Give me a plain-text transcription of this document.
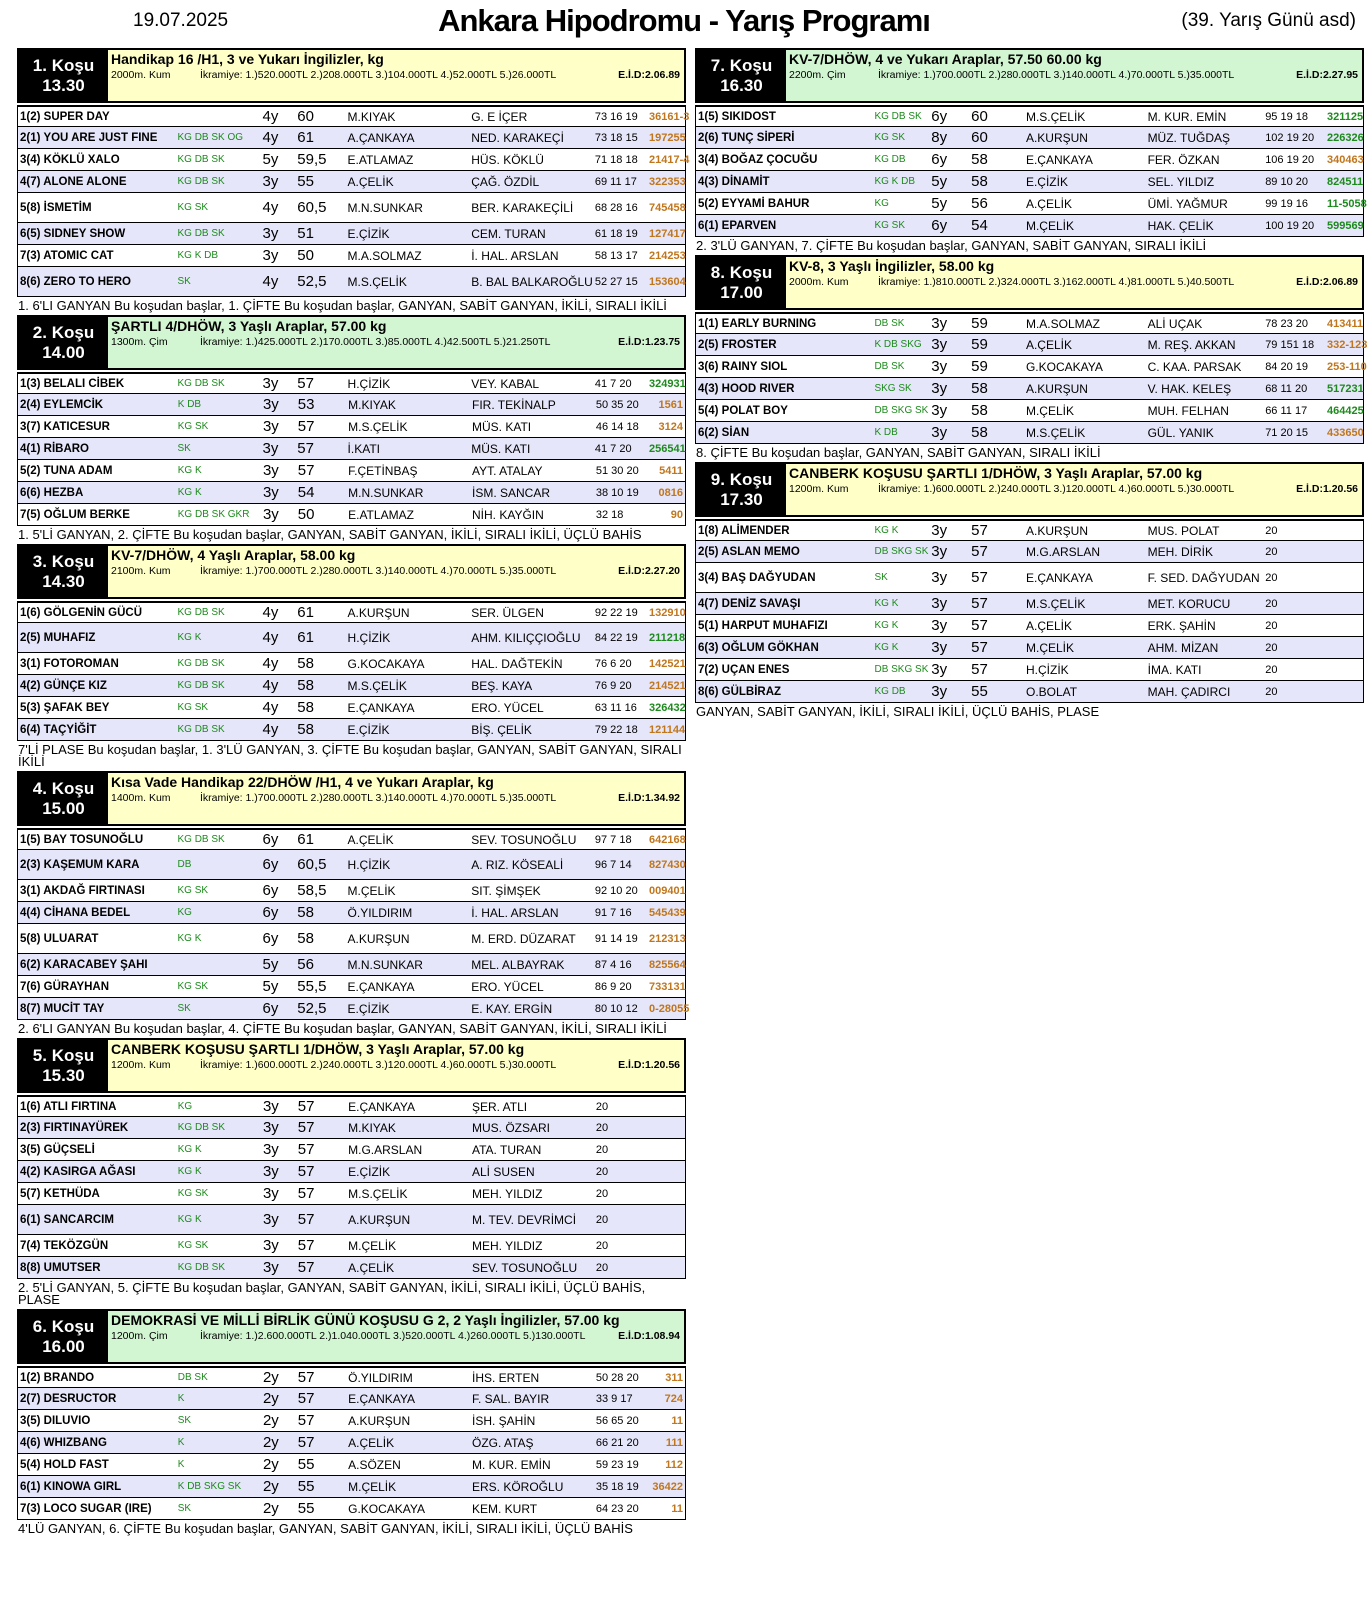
19.07.2025	Ankara Hipodromu - Yarış Programı	(39. Yarış Günü asd)
1. Koşu
13.30
Handikap 16 /H1, 3 ve Yukarı İngilizler, kg
2000m. Kum	İkramiye: 1.)520.000TL 2.)208.000TL 3.)104.000TL 4.)52.000TL 5.)26.000TL	E.İ.D:2.06.89
1(2) SUPER DAY	4y	60	M.KIYAK	G. E İÇER	73 16 19	36161-3
2(1) YOU ARE JUST FINE	KG DB SK OG	4y	61	A.ÇANKAYA	NED. KARAKEÇİ	73 18 15	197255
3(4) KÖKLÜ XALO	KG DB SK	5y	59,5	E.ATLAMAZ	HÜS. KÖKLÜ	71 18 18	21417-4
4(7) ALONE ALONE	KG DB SK	3y	55	A.ÇELİK	ÇAĞ. ÖZDİL	69 11 17	322353
5(8) İSMETİM	KG SK	4y	60,5	M.N.SUNKAR	BER. KARAKEÇİLİ	68 28 16	745458
6(5) SIDNEY SHOW	KG DB SK	3y	51	E.ÇİZİK	CEM. TURAN	61 18 19	127417
7(3) ATOMIC CAT	KG K DB	3y	50	M.A.SOLMAZ	İ. HAL. ARSLAN	58 13 17	214253
8(6) ZERO TO HERO	SK	4y	52,5	M.S.ÇELİK	B. BAL BALKAROĞLU 52 27 15	153604
1. 6'LI GANYAN Bu koşudan başlar, 1. ÇİFTE Bu koşudan başlar, GANYAN, SABİT GANYAN, İKİLİ, SIRALI İKİLİ
2. Koşu
14.00
ŞARTLI 4/DHÖW, 3 Yaşlı Araplar, 57.00 kg
1300m. Çim	İkramiye: 1.)425.000TL 2.)170.000TL 3.)85.000TL 4.)42.500TL 5.)21.250TL	E.İ.D:1.23.75
1(3) BELALI CİBEK	KG DB SK	3y	57	H.ÇİZİK	VEY. KABAL	41 7 20	324931
2(4) EYLEMCİK	K DB	3y	53	M.KIYAK	FIR. TEKİNALP	50 35 20	1561
3(7) KATICESUR	KG SK	3y	57	M.S.ÇELİK	MÜS. KATI	46 14 18	3124
4(1) RİBARO	SK	3y	57	İ.KATI	MÜS. KATI	41 7 20	256541
5(2) TUNA ADAM	KG K	3y	57	F.ÇETİNBAŞ	AYT. ATALAY	51 30 20	5411
6(6) HEZBA	KG K	3y	54	M.N.SUNKAR	İSM. SANCAR	38 10 19	0816
7(5) OĞLUM BERKE	KG DB SK GKR 3y	50	E.ATLAMAZ	NİH. KAYĞIN	32 18	90
1. 5'Lİ GANYAN, 2. ÇİFTE Bu koşudan başlar, GANYAN, SABİT GANYAN, İKİLİ, SIRALI İKİLİ, ÜÇLÜ BAHİS
3. Koşu
14.30
KV-7/DHÖW, 4 Yaşlı Araplar, 58.00 kg
2100m. Kum	İkramiye: 1.)700.000TL 2.)280.000TL 3.)140.000TL 4.)70.000TL 5.)35.000TL	E.İ.D:2.27.20
1(6) GÖLGENİN GÜCÜ	KG DB SK	4y	61	A.KURŞUN	SER. ÜLGEN	92 22 19	132910
2(5) MUHAFIZ	KG K	4y	61	H.ÇİZİK	AHM. KILIÇÇIOĞLU	84 22 19	211218
3(1) FOTOROMAN	KG DB SK	4y	58	G.KOCAKAYA	HAL. DAĞTEKİN	76 6 20	142521
4(2) GÜNÇE KIZ	KG DB SK	4y	58	M.S.ÇELİK	BEŞ. KAYA	76 9 20	214521
5(3) ŞAFAK BEY	KG SK	4y	58	E.ÇANKAYA	ERO. YÜCEL	63 11 16	326432
6(4) TAÇYİĞİT	KG DB SK	4y	58	E.ÇİZİK	BİŞ. ÇELİK	79 22 18	121144
7'Lİ PLASE Bu koşudan başlar, 1. 3'LÜ GANYAN, 3. ÇİFTE Bu koşudan başlar, GANYAN, SABİT GANYAN, SIRALI İKİLİ
4. Koşu
15.00
Kısa Vade Handikap 22/DHÖW /H1, 4 ve Yukarı Araplar, kg
1400m. Kum	İkramiye: 1.)700.000TL 2.)280.000TL 3.)140.000TL 4.)70.000TL 5.)35.000TL	E.İ.D:1.34.92
1(5) BAY TOSUNOĞLU	KG DB SK	6y	61	A.ÇELİK	SEV. TOSUNOĞLU	97 7 18	642168
2(3) KAŞEMUM KARA	DB	6y	60,5	H.ÇİZİK	A. RIZ. KÖSEALİ	96 7 14	827430
3(1) AKDAĞ FIRTINASI	KG SK	6y	58,5	M.ÇELİK	SIT. ŞİMŞEK	92 10 20	009401
4(4) CİHANA BEDEL	KG	6y	58	Ö.YILDIRIM	İ. HAL. ARSLAN	91 7 16	545439
5(8) ULUARAT	KG K	6y	58	A.KURŞUN	M. ERD. DÜZARAT	91 14 19	212313
6(2) KARACABEY ŞAHI	5y	56	M.N.SUNKAR	MEL. ALBAYRAK	87 4 16	825564
7(6) GÜRAYHAN	KG SK	5y	55,5	E.ÇANKAYA	ERO. YÜCEL	86 9 20	733131
8(7) MUCİT TAY	SK	6y	52,5	E.ÇİZİK	E. KAY. ERGİN	80 10 12	0-28055
2. 6'LI GANYAN Bu koşudan başlar, 4. ÇİFTE Bu koşudan başlar, GANYAN, SABİT GANYAN, İKİLİ, SIRALI İKİLİ
5. Koşu
15.30
CANBERK KOŞUSU ŞARTLI 1/DHÖW, 3 Yaşlı Araplar, 57.00 kg
1200m. Kum	İkramiye: 1.)600.000TL 2.)240.000TL 3.)120.000TL 4.)60.000TL 5.)30.000TL	E.İ.D:1.20.56
1(6) ATLI FIRTINA	KG	3y	57	E.ÇANKAYA	ŞER. ATLI	20
2(3) FIRTINAYÜREK	KG DB SK	3y	57	M.KIYAK	MUS. ÖZSARI	20
3(5) GÜÇSELİ	KG K	3y	57	M.G.ARSLAN	ATA. TURAN	20
4(2) KASIRGA AĞASI	KG K	3y	57	E.ÇİZİK	ALİ SUSEN	20
5(7) KETHÜDA	KG SK	3y	57	M.S.ÇELİK	MEH. YILDIZ	20
6(1) SANCARCIM	KG K	3y	57	A.KURŞUN	M. TEV. DEVRİMCİ	20
7(4) TEKÖZGÜN	KG SK	3y	57	M.ÇELİK	MEH. YILDIZ	20
8(8) UMUTSER	KG DB SK	3y	57	A.ÇELİK	SEV. TOSUNOĞLU	20
2. 5'Lİ GANYAN, 5. ÇİFTE Bu koşudan başlar, GANYAN, SABİT GANYAN, İKİLİ, SIRALI İKİLİ, ÜÇLÜ BAHİS, PLASE
6. Koşu
16.00
DEMOKRASİ VE MİLLİ BİRLİK GÜNÜ KOŞUSU G 2, 2 Yaşlı İngilizler, 57.00 kg
1200m. Çim	İkramiye: 1.)2.600.000TL 2.)1.040.000TL 3.)520.000TL 4.)260.000TL 5.)130.000TL	E.İ.D:1.08.94
1(2) BRANDO	DB SK	2y	57	Ö.YILDIRIM	İHS. ERTEN	50 28 20	311
2(7) DESRUCTOR	K	2y	57	E.ÇANKAYA	F. SAL. BAYIR	33 9 17	724
3(5) DILUVIO	SK	2y	57	A.KURŞUN	İSH. ŞAHİN	56 65 20	11
4(6) WHIZBANG	K	2y	57	A.ÇELİK	ÖZG. ATAŞ	66 21 20	111
5(4) HOLD FAST	K	2y	55	A.SÖZEN	M. KUR. EMİN	59 23 19	112
6(1) KINOWA GIRL	K DB SKG SK	2y	55	M.ÇELİK	ERS. KÖROĞLU	35 18 19	36422
7(3) LOCO SUGAR (IRE)	SK	2y	55	G.KOCAKAYA	KEM. KURT	64 23 20	11
4'LÜ GANYAN, 6. ÇİFTE Bu koşudan başlar, GANYAN, SABİT GANYAN, İKİLİ, SIRALI İKİLİ, ÜÇLÜ BAHİS
7. Koşu
16.30
KV-7/DHÖW, 4 ve Yukarı Araplar, 57.50 60.00 kg
2200m. Çim	İkramiye: 1.)700.000TL 2.)280.000TL 3.)140.000TL 4.)70.000TL 5.)35.000TL	E.İ.D:2.27.95
1(5) SIKIDOST	KG DB SK 6y	60	M.S.ÇELİK	M. KUR. EMİN	95 19 18	321125
2(6) TUNÇ SİPERİ	KG SK	8y	60	A.KURŞUN	MÜZ. TUĞDAŞ	102 19 20	226326
3(4) BOĞAZ ÇOCUĞU	KG DB	6y	58	E.ÇANKAYA	FER. ÖZKAN	106 19 20	340463
4(3) DİNAMİT	KG K DB	5y	58	E.ÇİZİK	SEL. YILDIZ	89 10 20	824511
5(2) EYYAMİ BAHUR	KG	5y	56	A.ÇELİK	ÜMİ. YAĞMUR	99 19 16	11-5058
6(1) EPARVEN	KG SK	6y	54	M.ÇELİK	HAK. ÇELİK	100 19 20	599569
2. 3'LÜ GANYAN, 7. ÇİFTE Bu koşudan başlar, GANYAN, SABİT GANYAN, SIRALI İKİLİ
8. Koşu
17.00
KV-8, 3 Yaşlı İngilizler, 58.00 kg
2000m. Kum	İkramiye: 1.)810.000TL 2.)324.000TL 3.)162.000TL 4.)81.000TL 5.)40.500TL	E.İ.D:2.06.89
1(1) EARLY BURNING	DB SK	3y	59	M.A.SOLMAZ	ALİ UÇAK	78 23 20	413411
2(5) FROSTER	K DB SKG 3y	59	A.ÇELİK	M. REŞ. AKKAN	79 151 18	332-123
3(6) RAINY SIOL	DB SK	3y	59	G.KOCAKAYA	C. KAA. PARSAK	84 20 19	253-110
4(3) HOOD RIVER	SKG SK	3y	58	A.KURŞUN	V. HAK. KELEŞ	68 11 20	517231
5(4) POLAT BOY	DB SKG SK 3y	58	M.ÇELİK	MUH. FELHAN	66 11 17	464425
6(2) SİAN	K DB	3y	58	M.S.ÇELİK	GÜL. YANIK	71 20 15	433650
8. ÇİFTE Bu koşudan başlar, GANYAN, SABİT GANYAN, SIRALI İKİLİ
9. Koşu
17.30
CANBERK KOŞUSU ŞARTLI 1/DHÖW, 3 Yaşlı Araplar, 57.00 kg
1200m. Kum	İkramiye: 1.)600.000TL 2.)240.000TL 3.)120.000TL 4.)60.000TL 5.)30.000TL	E.İ.D:1.20.56
1(8) ALİMENDER	KG K	3y	57	A.KURŞUN	MUS. POLAT	20
2(5) ASLAN MEMO	DB SKG SK 3y	57	M.G.ARSLAN	MEH. DİRİK	20
3(4) BAŞ DAĞYUDAN	SK	3y	57	E.ÇANKAYA	F. SED. DAĞYUDAN 20
4(7) DENİZ SAVAŞI	KG K	3y	57	M.S.ÇELİK	MET. KORUCU	20
5(1) HARPUT MUHAFIZI	KG K	3y	57	A.ÇELİK	ERK. ŞAHİN	20
6(3) OĞLUM GÖKHAN	KG K	3y	57	M.ÇELİK	AHM. MİZAN	20
7(2) UÇAN ENES	DB SKG SK 3y	57	H.ÇİZİK	İMA. KATI	20
8(6) GÜLBİRAZ	KG DB	3y	55	O.BOLAT	MAH. ÇADIRCI	20
GANYAN, SABİT GANYAN, İKİLİ, SIRALI İKİLİ, ÜÇLÜ BAHİS, PLASE
